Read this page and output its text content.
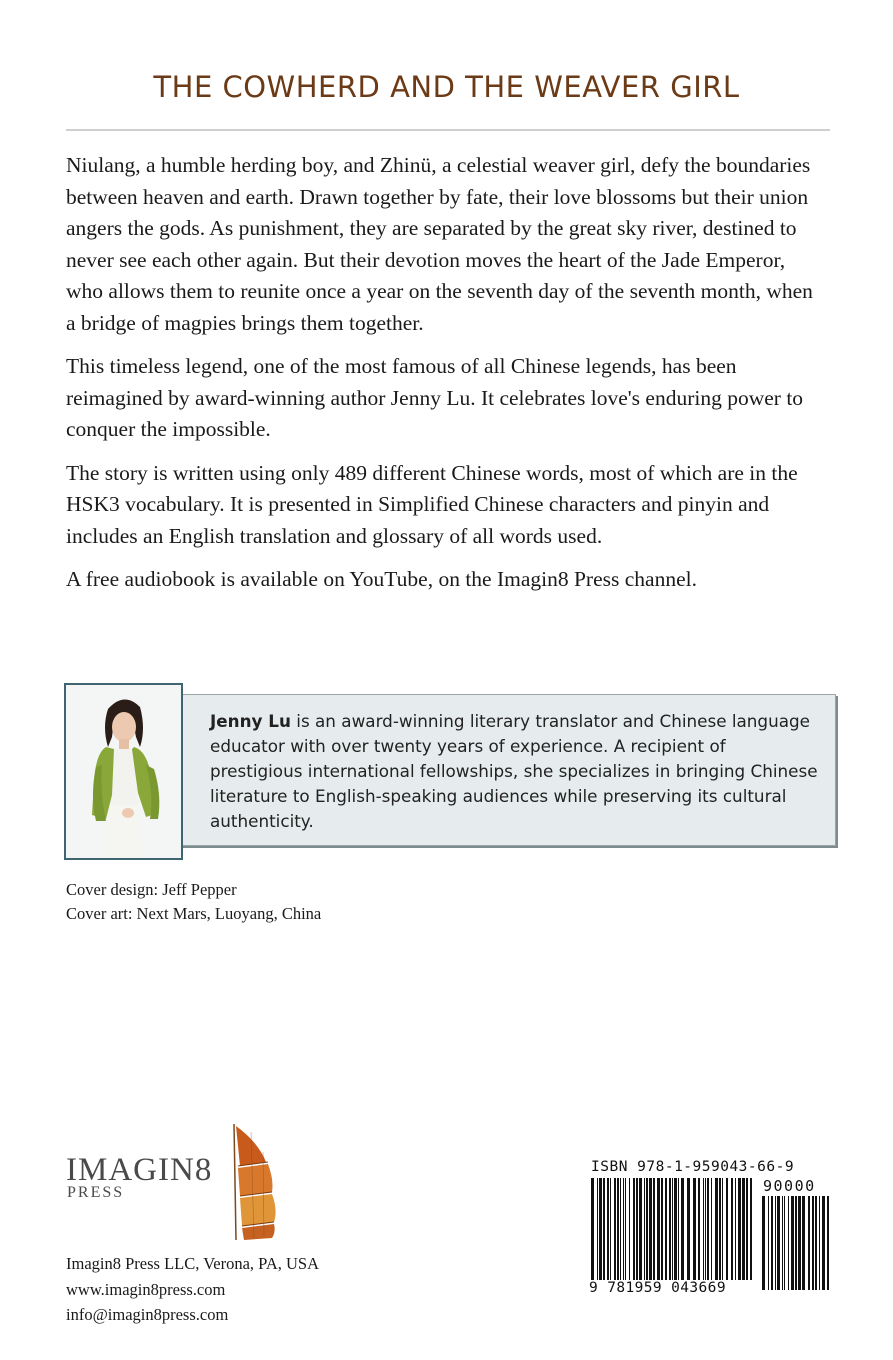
THE COWHERD AND THE WEAVER GIRL

Niulang, a humble herding boy, and Zhinü, a celestial weaver girl, defy the boundaries between heaven and earth. Drawn together by fate, their love blossoms but their union angers the gods. As punishment, they are separated by the great sky river, destined to never see each other again. But their devotion moves the heart of the Jade Emperor, who allows them to reunite once a year on the seventh day of the seventh month, when a bridge of magpies brings them together.

This timeless legend, one of the most famous of all Chinese legends, has been reimagined by award-winning author Jenny Lu. It celebrates love's enduring power to conquer the impossible.

The story is written using only 489 different Chinese words, most of which are in the HSK3 vocabulary. It is presented in Simplified Chinese characters and pinyin and includes an English translation and glossary of all words used.

A free audiobook is available on YouTube, on the Imagin8 Press channel.

Jenny Lu is an award-winning literary translator and Chinese language educator with over twenty years of experience. A recipient of prestigious international fellowships, she specializes in bringing Chinese literature to English-speaking audiences while preserving its cultural authenticity.
Cover design: Jeff Pepper
Cover art: Next Mars, Luoyang, China
IMAGIN8
PRESS
Imagin8 Press LLC, Verona, PA, USA
www.imagin8press.com
info@imagin8press.com
ISBN 978-1-959043-66-9
90000
9 781959 043669
